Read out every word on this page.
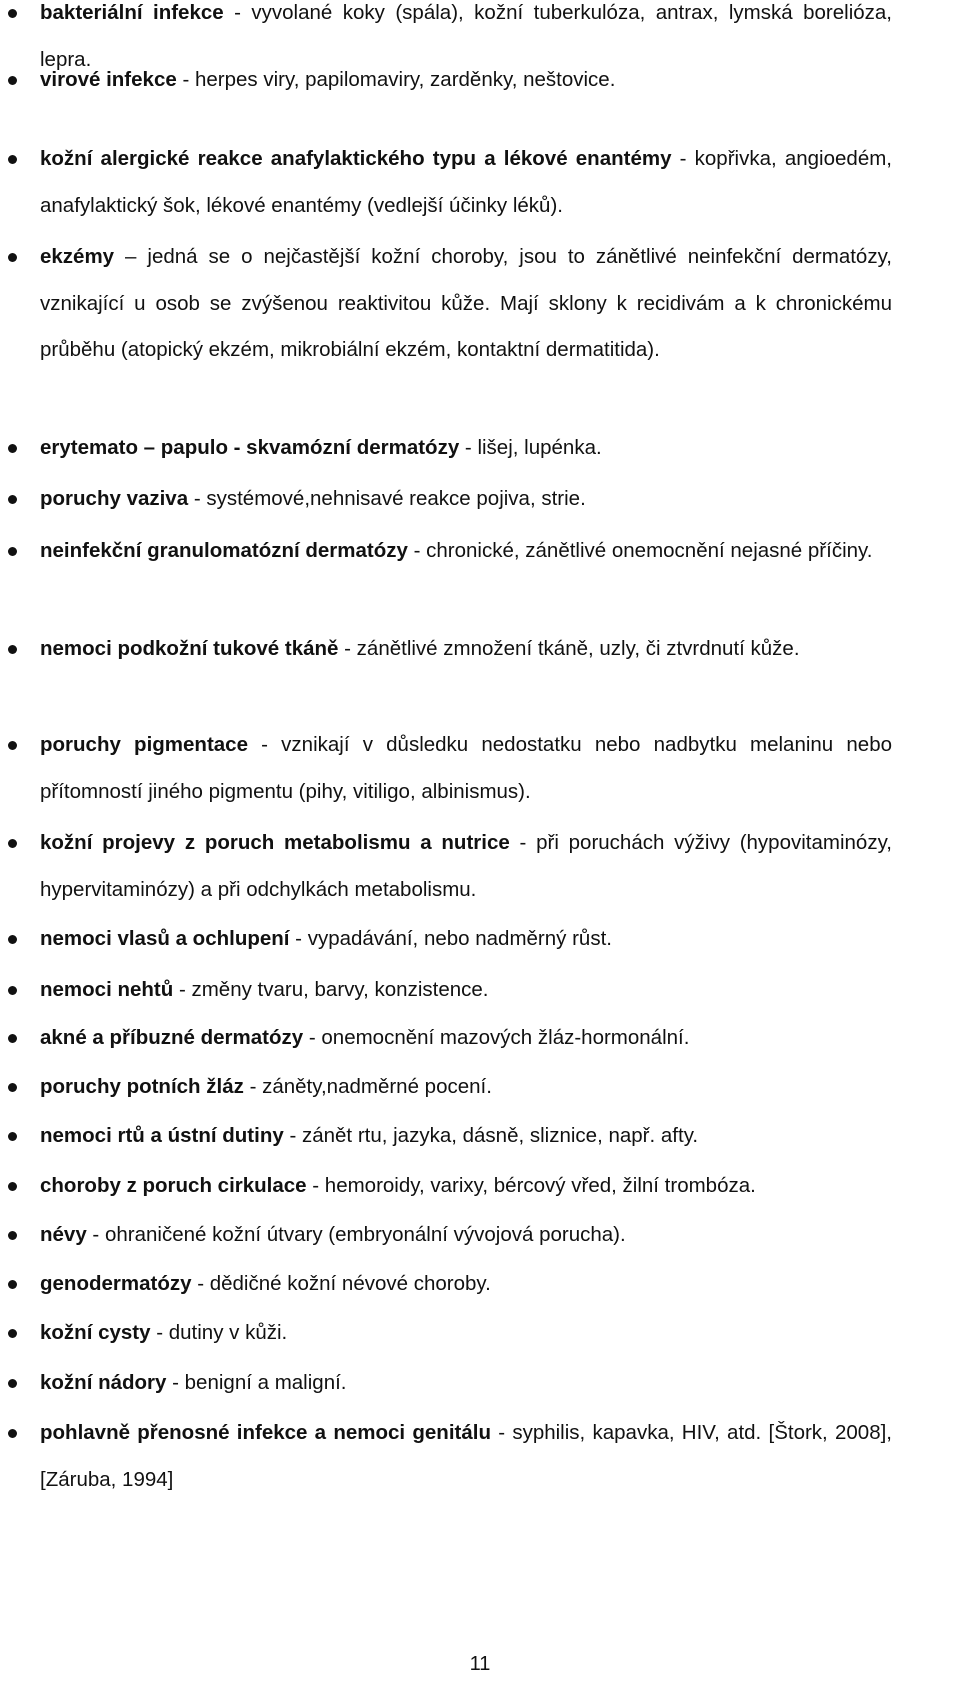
bakteriální infekce - vyvolané koky (spála), kožní tuberkulóza, antrax, lymská borelióza, lepra.
virové infekce - herpes viry, papilomaviry, zarděnky, neštovice.
kožní alergické reakce anafylaktického typu a lékové enantémy - kopřivka, angioedém, anafylaktický šok, lékové enantémy (vedlejší účinky léků).
ekzémy – jedná se o nejčastější kožní choroby, jsou to zánětlivé neinfekční dermatózy, vznikající u osob se zvýšenou reaktivitou kůže. Mají sklony k recidivám a k chronickému průběhu (atopický ekzém, mikrobiální ekzém, kontaktní dermatitida).
erytemato – papulo - skvamózní dermatózy - lišej, lupénka.
poruchy vaziva - systémové,nehnisavé reakce pojiva, strie.
neinfekční granulomatózní dermatózy - chronické, zánětlivé onemocnění nejasné příčiny.
nemoci podkožní tukové tkáně - zánětlivé zmnožení tkáně, uzly, či ztvrdnutí kůže.
poruchy pigmentace - vznikají v důsledku nedostatku nebo nadbytku melaninu nebo přítomností jiného pigmentu (pihy, vitiligo, albinismus).
kožní projevy z poruch metabolismu a nutrice - při poruchách výživy (hypovitaminózy, hypervitaminózy) a při odchylkách metabolismu.
nemoci vlasů a ochlupení - vypadávání, nebo nadměrný růst.
nemoci nehtů - změny tvaru, barvy, konzistence.
akné a příbuzné dermatózy - onemocnění mazových žláz-hormonální.
poruchy potních žláz - záněty,nadměrné pocení.
nemoci rtů a ústní dutiny - zánět rtu, jazyka, dásně, sliznice, např. afty.
choroby z poruch cirkulace - hemoroidy, varixy, bércový vřed, žilní trombóza.
névy - ohraničené kožní útvary (embryonální vývojová porucha).
genodermatózy - dědičné kožní névové choroby.
kožní cysty - dutiny v kůži.
kožní nádory - benigní a maligní.
pohlavně přenosné infekce a nemoci genitálu - syphilis, kapavka, HIV, atd. [Štork, 2008], [Záruba, 1994]
11
